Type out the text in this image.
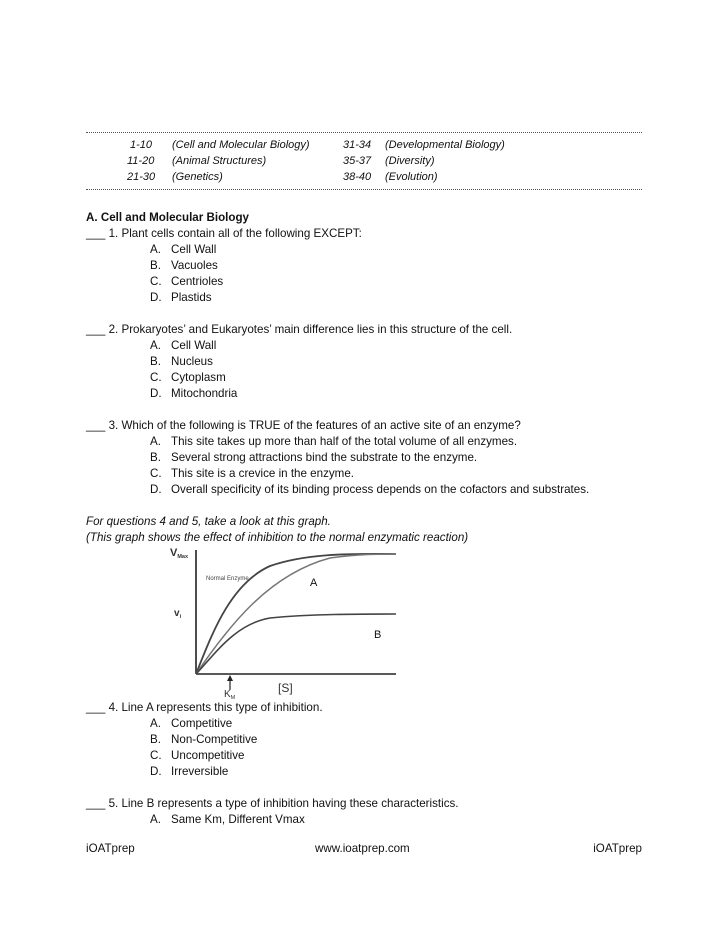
1-10 (Cell and Molecular Biology)	31-34 (Developmental Biology)
11-20 (Animal Structures)	35-37 (Diversity)
21-30 (Genetics)	38-40 (Evolution)
A. Cell and Molecular Biology
___ 1. Plant cells contain all of the following EXCEPT:
A. Cell Wall
B. Vacuoles
C. Centrioles
D. Plastids
___ 2. Prokaryotes’ and Eukaryotes’ main difference lies in this structure of the cell.
A. Cell Wall
B. Nucleus
C. Cytoplasm
D. Mitochondria
___ 3. Which of the following is TRUE of the features of an active site of an enzyme?
A. This site takes up more than half of the total volume of all enzymes.
B. Several strong attractions bind the substrate to the enzyme.
C. This site is a crevice in the enzyme.
D. Overall specificity of its binding process depends on the cofactors and substrates.
For questions 4 and 5, take a look at this graph.
(This graph shows the effect of inhibition to the normal enzymatic reaction)
VMax
$v_i$
Normal Enzyme	A
B
$K_M$
[S]
___ 4. Line A represents this type of inhibition.
A. Competitive
B. Non-Competitive
C. Uncompetitive
D. Irreversible
___ 5. Line B represents a type of inhibition having these characteristics.
A. Same Km, Different Vmax
iOATprep	www.ioatprep.com	iOATprep
